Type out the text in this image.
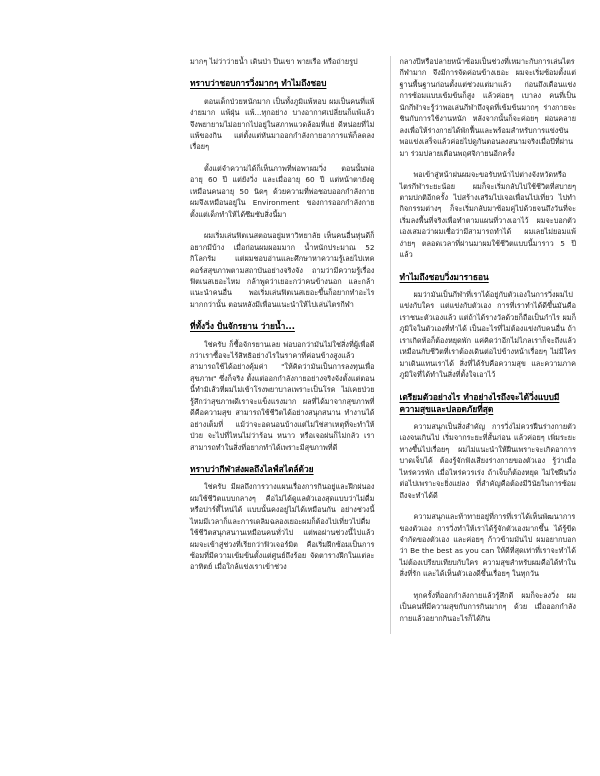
มากๆ ไม่ว่าว่ายน้ำ เดินป่า ปีนเขา พายเรือ หรือถ่ายรูป

ทราบว่าชอบการวิ่งมากๆ ทำไมถึงชอบ

ตอนเด็กป่วยหนักมาก เป็นทั้งภูมิแพ้หอบ ผมเป็นคนที่แพ้ง่ายมาก แพ้ฝุ่น แพ้...ทุกอย่าง บางอากาศเปลี่ยนก็แพ้แล้ว จึงพยายามไม่อยากไปอยู่ในสภาพแวดล้อมที่แย่ ดีหน่อยที่ไม่แพ้ของกิน แต่ตั้งแต่หันมาออกกำลังกายอาการแพ้ก็ลดลงเรื่อยๆ

ตั้งแต่จำความได้ก็เห็นภาพที่พ่อพาผมวิ่ง ตอนนั้นพ่ออายุ 60 ปี แต่ยังวิ่ง และเมื่ออายุ 60 ปี แต่หน้าตายังดูเหมือนคนอายุ 50 นิดๆ ด้วยความที่พ่อชอบออกกำลังกายผมจึงเหมือนอยู่ใน Environment ของการออกกำลังกายตั้งแต่เด็กทำให้ได้ซึมซับสิ่งนี้มา

ผมเริ่มเล่นฟิตเนสตอนอยู่มหาวิทยาลัย เห็นคนอื่นหุ่นดีก็อยากมีบ้าง เมื่อก่อนผมผอมมาก น้ำหนักประมาณ 52 กิโลกรัม แต่ผมชอบอ่านและศึกษาหาความรู้เลยไปเทคคอร์สสุขภาพตามสถาบันอย่างจริงจัง ถามว่ามีความรู้เรื่องฟิตเนสเยอะไหม กล้าพูดว่าเยอะกว่าคนข้างนอก และกล้าแนะนำคนอื่น พอเริ่มเล่นฟิตเนสเยอะขึ้นก็อยากทำอะไรมากกว่านั้น ตอนหลังมีเพื่อนแนะนำให้ไปเล่นไตรกีฬา

ที่ทั้งวิ่ง ปั่นจักรยาน ว่ายน้ำ...

ใช่ครับ ก็ซื้อจักรยานเลย พ่อบอกว่ามันไม่ใช่สิ่งที่ผู้เพื่อดีกว่าเราซื้อจะไร้สิทธิอย่างไรในราคาที่ค่อนข้างสูงแล้วสามารถใช้ได้อย่างคุ้มค่า "ให้คิดว่ามันเป็นการลงทุนเพื่อสุขภาพ" ซึ่งก็จริง ตั้งแต่ออกกำลังกายอย่างจริงจังตั้งแต่ตอนนี้ทำมิเส้วที่ผมไม่เข้าโรงพยาบาลเพราะเป็นโรค ไม่เคยป่วย รู้สึกว่าสุขภาพดีเราจะแข็งแรงมาก ผลที่ได้มาจากสุขภาพที่ดีคือความสุข สามารถใช้ชีวิตได้อย่างสนุกสนาน ทำงานได้อย่างเต็มที่ แม้ว่าจะอดนอนบ้างแต่ไม่ใช่สาเหตุที่จะทำให้ป่วย จะไปที่ไหนไม่ว่าร้อน หนาว หรือเจอฝนก็ไม่กลัว เราสามารถทำในสิ่งที่อยากทำได้เพราะมีสุขภาพที่ดี

ทราบว่ากีฬาส่งผลถึงไลฟ์สไตล์ด้วย

ใช่ครับ มีผลถึงการวางแผนเรื่องการกินอยู่และฝึกฝนอง ผมใช้ชีวิตแบบกลางๆ คือไม่ได้ดูแลตัวเองสุดแบบว่าไม่ดื่มหรือปาร์ตี้ไหน่ได้ แบบนั้นคงอยู่ไม่ได้เหมือนกัน อย่างช่วงนี้ไหมมีเวลาก็และการเดลิมฉลองเยอะผมก็ต้องไปเที่ยวไปดื่ม ใช้ชีวิตสนุกสนานเหมือนคนทั่วไป แต่พอผ่านช่วงนี้ไปแล้วผมจะเข้าสู่ช่วงที่เรียกว่าฟิวเจอร์มิต คือเริ่มฝึกซ้อมเป็นการซ้อมที่มีความเข้มข้นตั้งแต่ศูนย์ถึงร้อย จัดตารางฝึกในแต่ละอาทิตย์ เมื่อใกล้แข่งเราเข้าช่วง

กลางปีหรือปลายหน้าซ้อมเป็นช่วงที่เหมาะกับการเล่นไตรกีฬามาก จึงมีการจัดค่อนข้างเยอะ ผมจะเริ่มซ้อมตั้งแต่ฐานพื้นฐานก่อนตั้งแต่ช่วงแต่มาแล้ว ก่อนถึงเดือนแข่งการซ้อมแบบเข้มข้นก็สูง แล้วค่อยๆ เบาลง คนที่เป็นนักกีฬาจะรู้ว่าพอเล่นกีฬาถึงจุดที่เข้มข้นมากๆ ร่างกายจะชินกับการใช้งานหนัก หลังจากนั้นก็จะค่อยๆ ผ่อนคลายลงเพื่อให้ร่างกายได้พักฟื้นและพร้อมสำหรับการแข่งขัน พอแข่งเสร็จแล้วค่อยไปดูกันตอนลงสนามจริงเมื่อปีที่ผ่านมา ร่วมปลายเดือนพฤศจิกายนอีกครั้ง

พอเข้าสู่หน้าฝนผมจะขอรับหน้าไปต่างจังหวัดหรือไตรกีฬาระยะน้อย ผมก็จะเริ่มกลับไปใช้ชีวิตที่สบายๆ ตามปกติอีกครั้ง ไปสร้างเสริมไปเจอเพื่อนไปเที่ยว ไปทำกิจกรรมต่างๆ ก็จะเริ่มกลับมาซ้อมคู่ไปด้วยจนถึงวันที่จะเริ่มลงพื้นที่จริงเพื่อทำตามแผนที่วางเอาไว้ ผมจะบอกตัวเองเสมอว่าผมเชื่อว่ามีสามารถทำได้ ผมเลยไม่ยอมแพ้ง่ายๆ ตลอดเวลาที่ผ่านมาผมใช้ชีวิตแบบนี้มาราว 5 ปีแล้ว

ทำไมถึงชอบวิ่งมาราธอน

ผมว่ามันเป็นกีฬาที่เราได้อยู่กับตัวเองในการวิ่งผมไปแข่งกับใคร แต่แข่งกับตัวเอง การที่เราทำได้ดีขึ้นมันคือเราชนะตัวเองแล้ว แต่ถ้าได้รางวัลด้วยก็ถือเป็นกำไร ผมก็ภูมิใจในตัวเองที่ทำได้ เป็นอะไรที่ไม่ต้องแข่งกับคนอื่น ถ้าเราเกิดท้อก็ต้องหยุดพัก แค่คิดว่าอีกไม่ไกลเราก็จะถึงแล้ว เหมือนกับชีวิตที่เราต้องเดินต่อไปข้างหน้าเรื่อยๆ ไม่มีใครมาเดินแทนเราได้ สิ่งที่ได้รับคือความสุข และความภาคภูมิใจที่ได้ทำในสิ่งที่ตั้งใจเอาไว้

เตรียมตัวอย่างไร ทำอย่างไรถึงจะได้วิ่งแบบมีความสุขและปลอดภัยที่สุด

ความสนุกเป็นสิ่งสำคัญ การวิ่งไม่ควรฝืนร่างกายตัวเองจนเกินไป เริ่มจากระยะที่สั้นก่อน แล้วค่อยๆ เพิ่มระยะทางขึ้นไปเรื่อยๆ ผมไม่แนะนำให้ฝืนเพราะจะเกิดอาการบาดเจ็บได้ ต้องรู้จักฟังเสียงร่างกายของตัวเอง รู้ว่าเมื่อไหร่ควรพัก เมื่อไหร่ควรเร่ง ถ้าเจ็บก็ต้องหยุด ไม่ใช่ฝืนวิ่งต่อไปเพราะจะยิ่งแย่ลง ที่สำคัญคือต้องมีวินัยในการซ้อม ถึงจะทำได้ดี

ความสนุกและท้าทายอยู่ที่การที่เราได้เห็นพัฒนาการของตัวเอง การวิ่งทำให้เราได้รู้จักตัวเองมากขึ้น ได้รู้ขีดจำกัดของตัวเอง และค่อยๆ ก้าวข้ามมันไป ผมอยากบอกว่า Be the best as you can ให้ดีที่สุดเท่าที่เราจะทำได้ ไม่ต้องเปรียบเทียบกับใคร ความสุขสำหรับผมคือได้ทำในสิ่งที่รัก และได้เห็นตัวเองดีขึ้นเรื่อยๆ ในทุกวัน

ทุกครั้งที่ออกกำลังกายแล้วรู้สึกดี ผมก็จะลงวิ่ง ผมเป็นคนที่มีความสุขกับการกินมากๆ ด้วย เมื่อออกกำลังกายแล้วอยากกินอะไรก็ได้กิน
